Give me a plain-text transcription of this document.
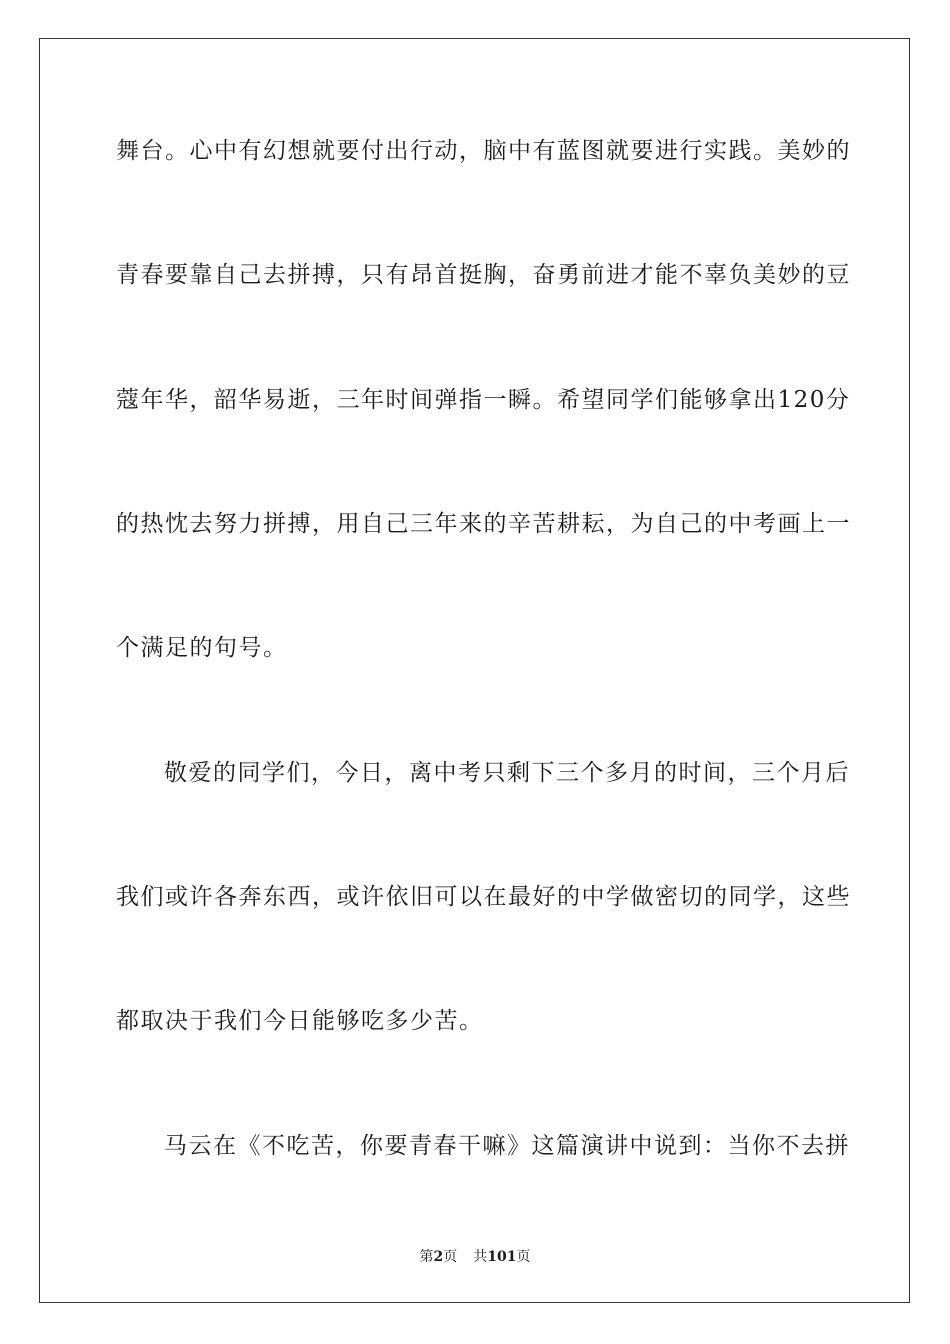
舞台。心中有幻想就要付出行动，脑中有蓝图就要进行实践。美妙的
青春要靠自己去拼搏，只有昂首挺胸，奋勇前进才能不辜负美妙的豆
蔻年华，韶华易逝，三年时间弹指一瞬。希望同学们能够拿出120分
的热忱去努力拼搏，用自己三年来的辛苦耕耘，为自己的中考画上一
个满足的句号。
敬爱的同学们，今日，离中考只剩下三个多月的时间，三个月后
我们或许各奔东西，或许依旧可以在最好的中学做密切的同学，这些
都取决于我们今日能够吃多少苦。
马云在《不吃苦，你要青春干嘛》这篇演讲中说到：当你不去拼
第2页 共101页
